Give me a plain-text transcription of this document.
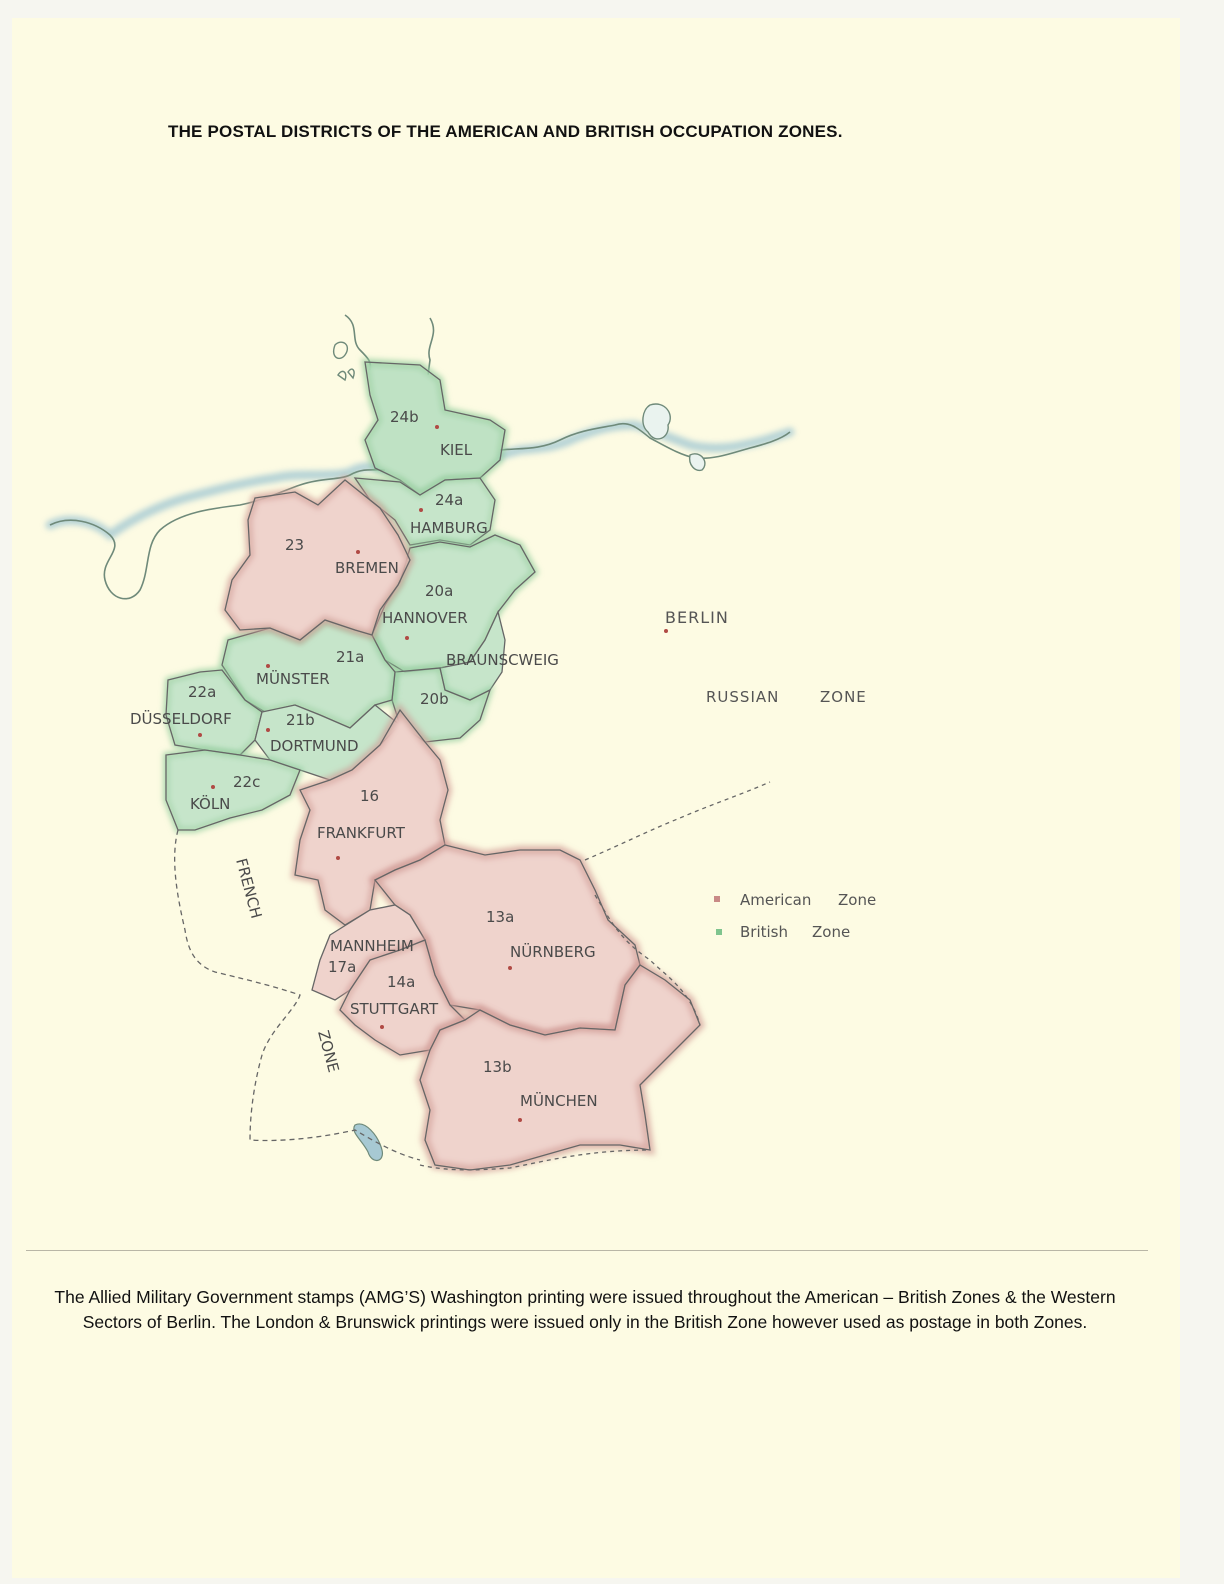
THE POSTAL DISTRICTS OF THE AMERICAN AND BRITISH OCCUPATION ZONES.
24b
KIEL
24a
HAMBURG
23
BREMEN
20a
HANNOVER
BRAUNSCWEIG
20b
21a
MÜNSTER
22a
DÜSSELDORF	21b
DORTMUND
22c
KÖLN	16
FRANKFURT
MANNHEIM
17a
14a
STUTTGART
13a
NÜRNBERG
13b
MÜNCHEN
BERLIN
RUSSIAN	ZONE
FRENCH
ZONE
American Zone
British Zone
The Allied Military Government stamps (AMG’S) Washington printing were issued throughout the American – British Zones & the Western Sectors of Berlin. The London & Brunswick printings were issued only in the British Zone however used as postage in both Zones.
